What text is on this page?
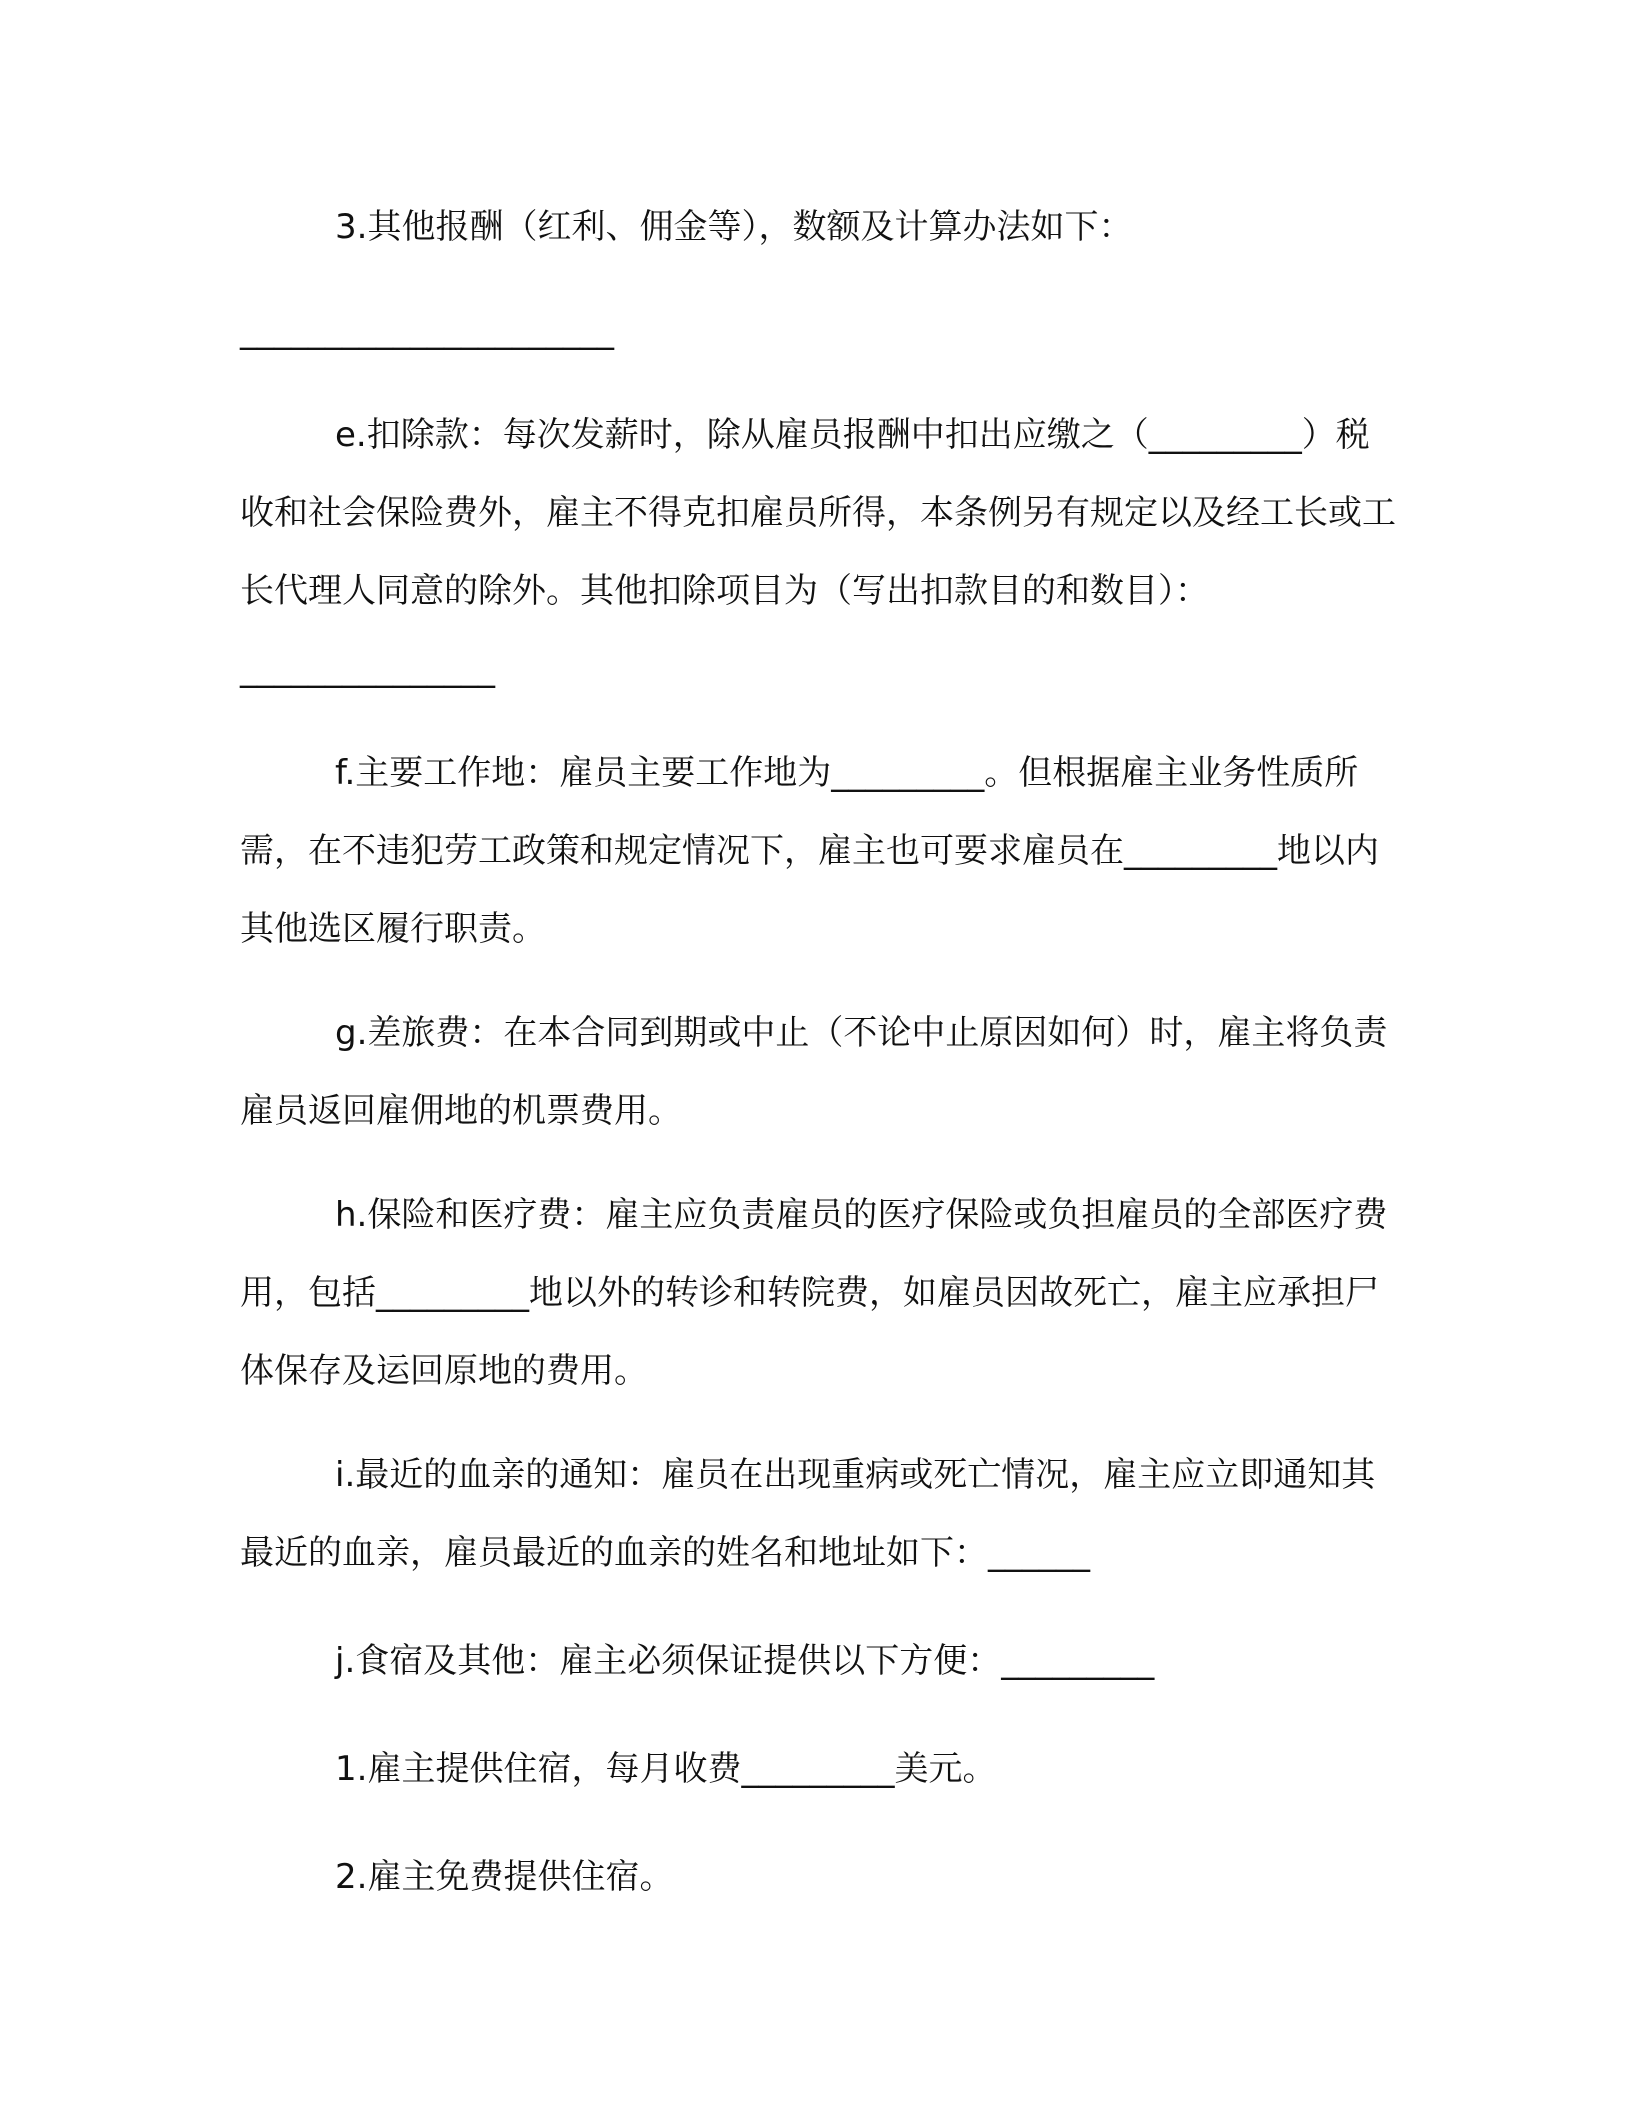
3.其他报酬（红利、佣金等），数额及计算办法如下：

______________________

e.扣除款：每次发薪时，除从雇员报酬中扣出应缴之（_________）税收和社会保险费外，雇主不得克扣雇员所得，本条例另有规定以及经工长或工长代理人同意的除外。其他扣除项目为（写出扣款目的和数目）：_______________

f.主要工作地：雇员主要工作地为_________。但根据雇主业务性质所需，在不违犯劳工政策和规定情况下，雇主也可要求雇员在_________地以内其他选区履行职责。

g.差旅费：在本合同到期或中止（不论中止原因如何）时，雇主将负责雇员返回雇佣地的机票费用。

h.保险和医疗费：雇主应负责雇员的医疗保险或负担雇员的全部医疗费用，包括_________地以外的转诊和转院费，如雇员因故死亡，雇主应承担尸体保存及运回原地的费用。

i.最近的血亲的通知：雇员在出现重病或死亡情况，雇主应立即通知其最近的血亲，雇员最近的血亲的姓名和地址如下：______

j.食宿及其他：雇主必须保证提供以下方便：_________

1.雇主提供住宿，每月收费_________美元。

2.雇主免费提供住宿。
